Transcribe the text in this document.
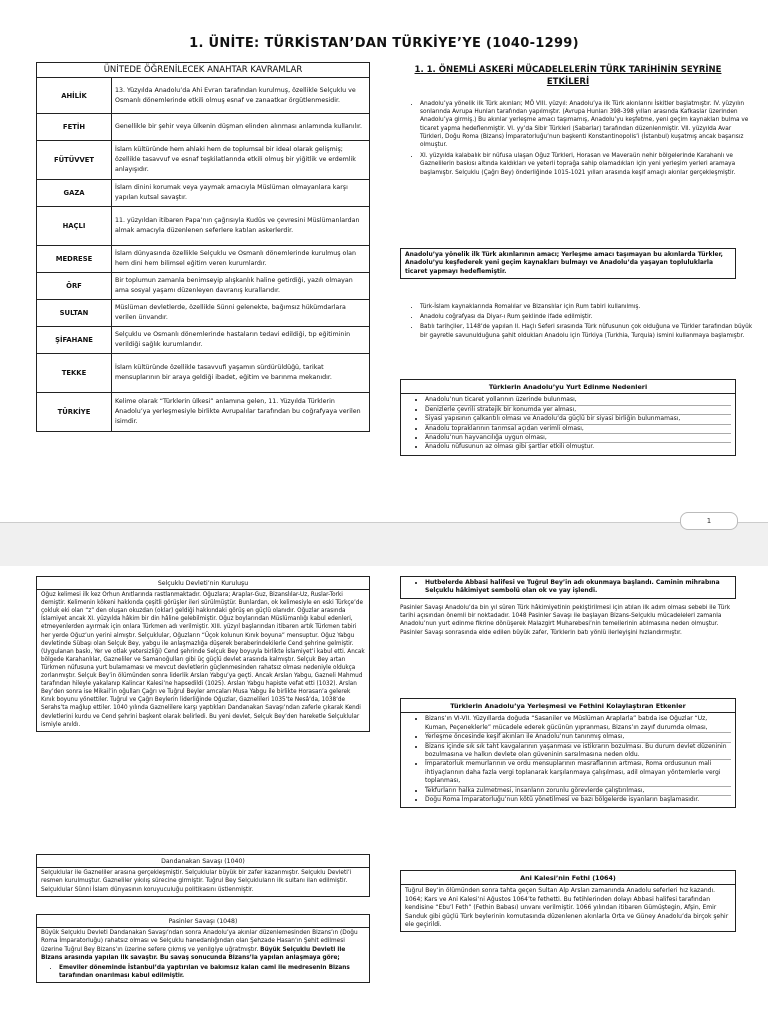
1. ÜNİTE: TÜRKİSTAN’DAN TÜRKİYE’YE (1040-1299)
ÜNİTEDE ÖĞRENİLECEK ANAHTAR KAVRAMLAR	
AHİLİK	13. Yüzyılda Anadolu’da Ahi Evran tarafından kurulmuş, özellikle Selçuklu ve Osmanlı dönemlerinde etkili olmuş esnaf ve zanaatkar örgütlenmesidir.
FETİH	Genellikle bir şehir veya ülkenin düşman elinden alınması anlamında kullanılır.
FÜTÜVVET	İslam kültüründe hem ahlaki hem de toplumsal bir ideal olarak gelişmiş; özellikle tasavvuf ve esnaf teşkilatlarında etkili olmuş bir yiğitlik ve erdemlik anlayışıdır.
GAZA	İslam dinini korumak veya yaymak amacıyla Müslüman olmayanlara karşı yapılan kutsal savaştır.
HAÇLI	11. yüzyıldan itibaren Papa’nın çağrısıyla Kudüs ve çevresini Müslümanlardan almak amacıyla düzenlenen seferlere katılan askerlerdir.
MEDRESE	İslam dünyasında özellikle Selçuklu ve Osmanlı dönemlerinde kurulmuş olan hem dini hem bilimsel eğitim veren kurumlardır.
ÖRF	Bir toplumun zamanla benimseyip alışkanlık haline getirdiği, yazılı olmayan ama sosyal yaşamı düzenleyen davranış kurallarıdır.
SULTAN	Müslüman devletlerde, özellikle Sünni gelenekte, bağımsız hükümdarlara verilen ünvandır.
ŞİFAHANE	Selçuklu ve Osmanlı dönemlerinde hastaların tedavi edildiği, tıp eğitiminin verildiği sağlık kurumlarıdır.
TEKKE	İslam kültüründe özellikle tasavvufi yaşamın sürdürüldüğü, tarikat mensuplarının bir araya geldiği ibadet, eğitim ve barınma mekanıdır.
TÜRKİYE	Kelime olarak “Türklerin ülkesi” anlamına gelen, 11. Yüzyılda Türklerin Anadolu’ya yerleşmesiyle birlikte Avrupalılar tarafından bu coğrafyaya verilen isimdir.
1. 1. ÖNEMLİ ASKERİ MÜCADELELERİN TÜRK TARİHİNİN SEYRİNE ETKİLERİ
• Anadolu’ya yönelik ilk Türk akınları; MÖ VIII. yüzyıl: Anadolu’ya ilk Türk akınlarını İskitler başlatmıştır. IV. yüzyılın sonlarında Avrupa Hunları tarafından yapılmıştır. (Avrupa Hunları 398-398 yılları arasında Kafkaslar üzerinden Anadolu’ya girmiş.) Bu akınlar yerleşme amacı taşımamış, Anadolu’yu keşfetme, yeni geçim kaynakları bulma ve ticaret yapma hedeflenmiştir. VI. yy’da Sibir Türkleri (Sabarlar) tarafından düzenlenmiştir. VII. yüzyılda Avar Türkleri, Doğu Roma (Bizans) İmparatorluğu’nun başkenti Konstantinopolis’i (İstanbul) kuşatmış ancak başarısız olmuştur.
• XI. yüzyılda kalabalık bir nüfusa ulaşan Oğuz Türkleri, Horasan ve Maveraün nehir bölgelerinde Karahanlı ve Gaznelilerin baskısı altında kaldıkları ve yeterli toprağa sahip olamadıkları için yeni yerleşim yerleri aramaya başlamıştır. Selçuklu (Çağrı Bey) önderliğinde 1015-1021 yılları arasında keşif amaçlı akınlar gerçekleşmiştir.
Anadolu’ya yönelik ilk Türk akınlarının amacı; Yerleşme amacı taşımayan bu akınlarda Türkler, Anadolu’yu keşfederek yeni geçim kaynakları bulmayı ve Anadolu’da yaşayan topluluklarla ticaret yapmayı hedeflemiştir.
• Türk-İslam kaynaklarında Romalılar ve Bizanslılar için Rum tabiri kullanılmış.
• Anadolu coğrafyası da Diyar-ı Rum şeklinde ifade edilmiştir.
• Batılı tarihçiler, 1148’de yapılan II. Haçlı Seferi sırasında Türk nüfusunun çok olduğuna ve Türkler tarafından büyük bir gayretle savunulduğuna şahit oldukları Anadolu için Türkiya (Turkhia, Turquia) ismini kullanmaya başlamıştır.
Türklerin Anadolu’yu Yurt Edinme Nedenleri
• Anadolu’nun ticaret yollarının üzerinde bulunması,
• Denizlerle çevrili stratejik bir konumda yer alması,
• Siyasi yapısının çalkantılı olması ve Anadolu’da güçlü bir siyasi birliğin bulunmaması,
• Anadolu topraklarının tarımsal açıdan verimli olması,
• Anadolu’nun hayvancılığa uygun olması,
• Anadolu nüfusunun az olması gibi şartlar etkili olmuştur.
1
Selçuklu Devleti’nin Kuruluşu
Oğuz kelimesi ilk kez Orhun Anıtlarında rastlanmaktadır. Oğuzlara; Araplar-Guz, Bizanslılar-Uz, Ruslar-Torki demiştir. Kelimenin kökeni hakkında çeşitli görüşler ileri sürülmüştür. Bunlardan, ok kelimesiyle en eski Türkçe’de çokluk eki olan “z” den oluşan okuzdan (oklar) geldiği hakkındaki görüş en güçlü olanıdır. Oğuzlar arasında İslamiyet ancak XI. yüzyılda hâkim bir din hâline gelebilmiştir. Oğuz boylarından Müslümanlığı kabul edenleri, etmeyenlerden ayırmak için onlara Türkmen adı verilmiştir. XIII. yüzyıl başlarından itibaren artık Türkmen tabiri her yerde Oğuz’un yerini almıştır. Selçuklular, Oğuzların “Üçok kolunun Kınık boyuna” mensuptur. Oğuz Yabgu devletinde Sübaşı olan Selçuk Bey, yabgu ile anlaşmazlığa düşerek beraberindekilerle Cend şehrine gelmiştir. (Uygulanan baskı, Yer ve otlak yetersizliği) Cend şehrinde Selçuk Bey boyuyla birlikte İslamiyet’i kabul etti. Ancak bölgede Karahanlılar, Gazneliler ve Samanoğulları gibi üç güçlü devlet arasında kalmıştır. Selçuk Bey artan Türkmen nüfusuna yurt bulamaması ve mevcut devletlerin güçlenmesinden rahatsız olması nedeniyle oldukça zorlanmıştır. Selçuk Bey’in ölümünden sonra liderlik Arslan Yabgu’ya geçti. Ancak Arslan Yabgu, Gazneli Mahmud tarafından hileyle yakalanıp Kalincar Kalesi’ne hapsedildi (1025). Arslan Yabgu hapiste vefat etti (1032). Arslan Bey’den sonra ise Mikail’in oğulları Çağrı ve Tuğrul Beyler amcaları Musa Yabgu ile birlikte Horasan’a gelerek Kınık boyunu yönettiler. Tuğrul ve Çağrı Beylerin liderliğinde Oğuzlar, Gaznelileri 1035’te Nesâ’da, 1038’de Serahs’ta mağlup ettiler. 1040 yılında Gaznelilere karşı yaptıkları Dandanakan Savaşı’ndan zaferle çıkarak Kendi devletlerini kurdu ve Cend şehrini başkent olarak belirledi. Bu yeni devlet, Selçuk Bey’den hareketle Selçuklular ismiyle anıldı.
Dandanakan Savaşı (1040)
Selçuklular ile Gazneliler arasına gerçekleşmiştir. Selçuklular büyük bir zafer kazanmıştır. Selçuklu Devleti’i resmen kurulmuştur. Gazneliler yıkılış sürecine girmiştir. Tuğrul Bey Selçukluların ilk sultanı ilan edilmiştir. Selçuklular Sünni İslam dünyasının koruyuculuğu politikasını üstlenmiştir.
Pasinler Savaşı (1048)
Büyük Selçuklu Devleti Dandanakan Savaşı’ndan sonra Anadolu’ya akınlar düzenlemesinden Bizans’ın (Doğu Roma İmparatorluğu) rahatsız olması ve Selçuklu hanedanlığından olan Şehzade Hasan’ın Şehit edilmesi üzerine Tuğrul Bey Bizans’ın üzerine sefere çıkmış ve yenilgiye uğratmıştır. Büyük Selçuklu Devleti ile Bizans arasında yapılan ilk savaştır. Bu savaş sonucunda Bizans’la yapılan anlaşmaya göre;
• Emeviler döneminde İstanbul’da yaptırılan ve bakımsız kalan cami ile medresenin Bizans tarafından onarılması kabul edilmiştir.
• Hutbelerde Abbasi halifesi ve Tuğrul Bey’in adı okunmaya başlandı. Caminin mihrabına Selçuklu hâkimiyet sembolü olan ok ve yay işlendi.
Pasinler Savaşı Anadolu’da bin yıl süren Türk hâkimiyetinin pekiştirilmesi için atılan ilk adım olması sebebi ile Türk tarihi açısından önemli bir noktadadır. 1048 Pasinler Savaşı ile başlayan Bizans-Selçuklu mücadeleleri zamanla Anadolu’nun yurt edinme fikrine dönüşerek Malazgirt Muharebesi’nin temellerinin atılmasına neden olmuştur. Pasinler Savaşı sonrasında elde edilen büyük zafer, Türklerin batı yönlü ilerleyişini hızlandırmıştır.
Türklerin Anadolu’ya Yerleşmesi ve Fethini Kolaylaştıran Etkenler
• Bizans’ın VI-VII. Yüzyıllarda doğuda “Sasaniler ve Müslüman Araplarla” batıda ise Oğuzlar “Uz, Kuman, Peçeneklerle” mücadele ederek gücünün yıpranması, Bizans’ın zayıf durumda olması,
• Yerleşme öncesinde keşif akınları ile Anadolu’nun tanınmış olması,
• Bizans içinde sık sık taht kavgalarının yaşanması ve istikrarın bozulması. Bu durum devlet düzeninin bozulmasına ve halkın devlete olan güveninin sarsılmasına neden oldu.
• İmparatorluk memurlarının ve ordu mensuplarının masraflarının artması, Roma ordusunun mali ihtiyaçlarının daha fazla vergi toplanarak karşılanmaya çalışılması, adil olmayan yöntemlerle vergi toplanması,
• Tekfurların halka zulmetmesi, insanların zorunlu görevlerde çalıştırılması,
• Doğu Roma İmparatorluğu’nun kötü yönetilmesi ve bazı bölgelerde isyanların başlamasıdır.
Ani Kalesi’nin Fethi (1064)
Tuğrul Bey’in ölümünden sonra tahta geçen Sultan Alp Arslan zamanında Anadolu seferleri hız kazandı. 1064; Kars ve Ani Kalesi’ni Ağustos 1064’te fethetti. Bu fetihlerinden dolayı Abbasi halifesi tarafından kendisine “Ebu’l Feth” (Fethin Babası) unvanı verilmiştir. 1066 yılından itibaren Gümüştegin, Afşin, Emir Sanduk gibi güçlü Türk beylerinin komutasında düzenlenen akınlarla Orta ve Güney Anadolu’da birçok şehir ele geçirildi.
